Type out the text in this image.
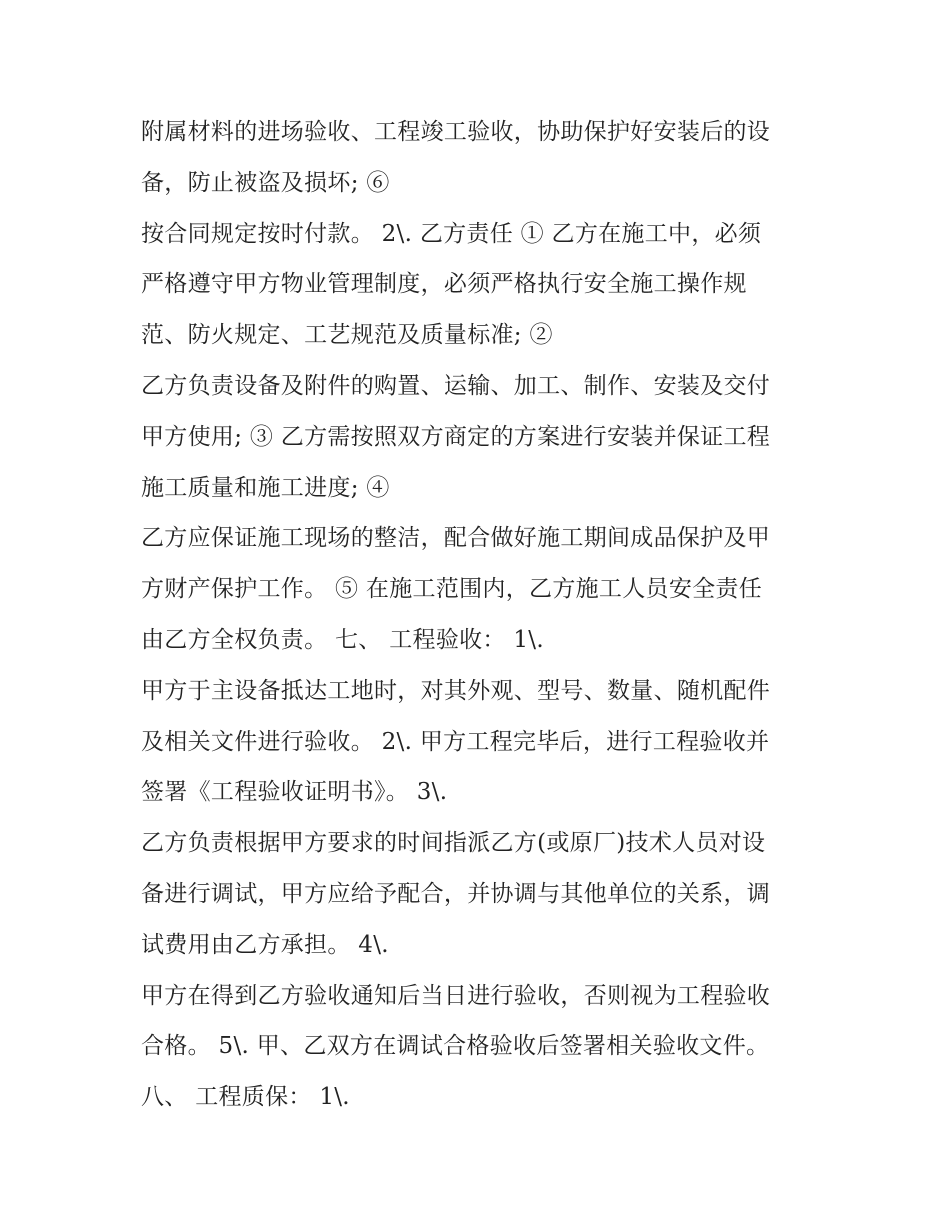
附属材料的进场验收、工程竣工验收，协助保护好安装后的设
备，防止被盗及损坏; ⑥
按合同规定按时付款。 2\. 乙方责任 ① 乙方在施工中，必须
严格遵守甲方物业管理制度，必须严格执行安全施工操作规
范、防火规定、工艺规范及质量标准; ②
乙方负责设备及附件的购置、运输、加工、制作、安装及交付
甲方使用; ③ 乙方需按照双方商定的方案进行安装并保证工程
施工质量和施工进度; ④
乙方应保证施工现场的整洁，配合做好施工期间成品保护及甲
方财产保护工作。 ⑤ 在施工范围内，乙方施工人员安全责任
由乙方全权负责。 七、 工程验收： 1\.
甲方于主设备抵达工地时，对其外观、型号、数量、随机配件
及相关文件进行验收。 2\. 甲方工程完毕后，进行工程验收并
签署《工程验收证明书》。 3\.
乙方负责根据甲方要求的时间指派乙方(或原厂)技术人员对设
备进行调试，甲方应给予配合，并协调与其他单位的关系，调
试费用由乙方承担。 4\.
甲方在得到乙方验收通知后当日进行验收，否则视为工程验收
合格。 5\. 甲、乙双方在调试合格验收后签署相关验收文件。
八、 工程质保： 1\.
